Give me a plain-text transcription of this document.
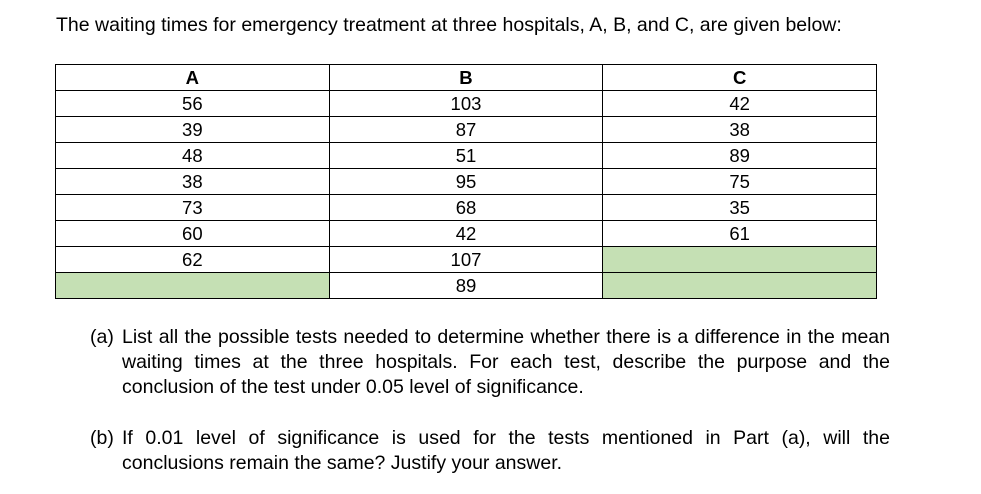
The waiting times for emergency treatment at three hospitals, A, B, and C, are given below:
A	B	C
56	103	42
39	87	38
48	51	89
38	95	75
73	68	35
60	42	61
62	107	
	89	
(a) List all the possible tests needed to determine whether there is a difference in the mean waiting times at the three hospitals. For each test, describe the purpose and the conclusion of the test under 0.05 level of significance.
(b) If 0.01 level of significance is used for the tests mentioned in Part (a), will the conclusions remain the same? Justify your answer.
